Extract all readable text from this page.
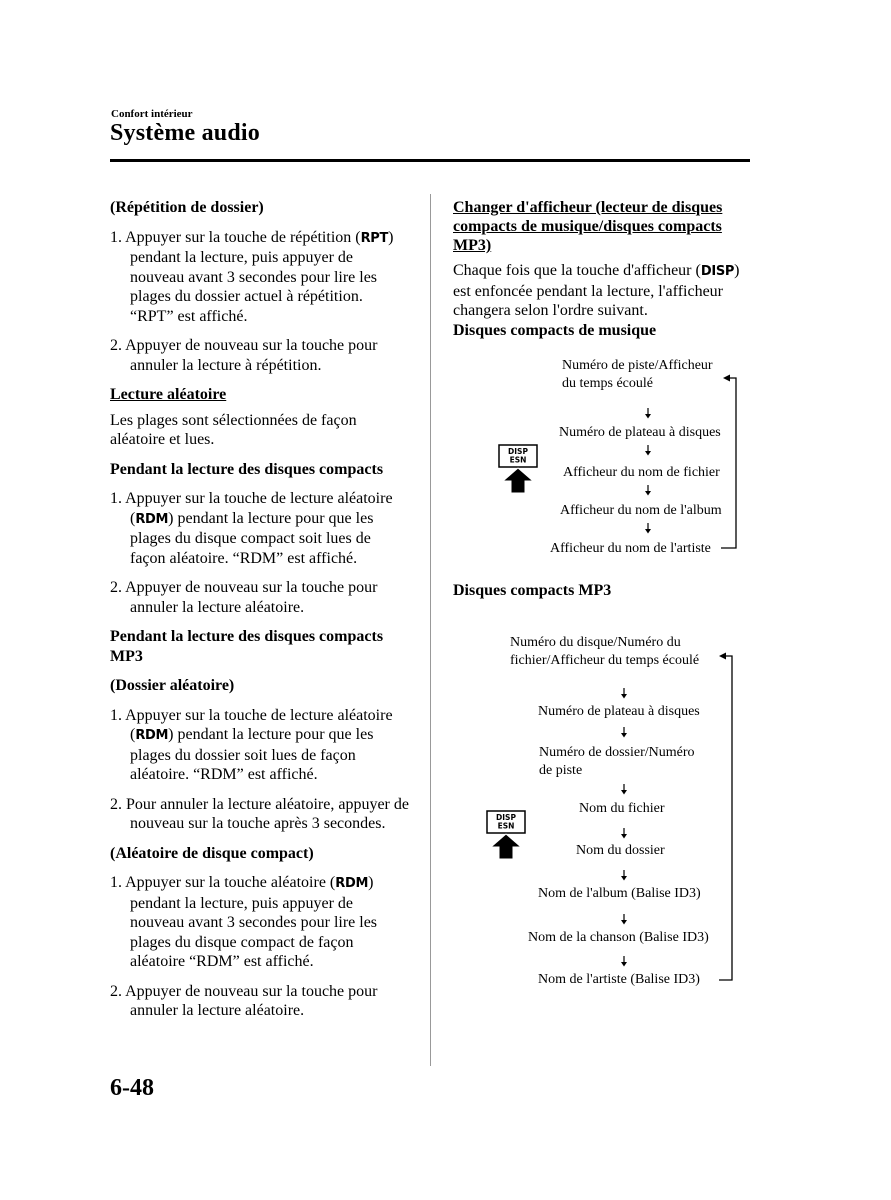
Confort intérieur
Système audio

(Répétition de dossier)

1. Appuyer sur la touche de répétition (RPT) pendant la lecture, puis appuyer de nouveau avant 3 secondes pour lire les plages du dossier actuel à répétition. “RPT” est affiché.

2. Appuyer de nouveau sur la touche pour annuler la lecture à répétition.

Lecture aléatoire

Les plages sont sélectionnées de façon aléatoire et lues.

Pendant la lecture des disques compacts

1. Appuyer sur la touche de lecture aléatoire (RDM) pendant la lecture pour que les plages du disque compact soit lues de façon aléatoire. “RDM” est affiché.

2. Appuyer de nouveau sur la touche pour annuler la lecture aléatoire.

Pendant la lecture des disques compacts MP3

(Dossier aléatoire)

1. Appuyer sur la touche de lecture aléatoire (RDM) pendant la lecture pour que les plages du dossier soit lues de façon aléatoire. “RDM” est affiché.

2. Pour annuler la lecture aléatoire, appuyer de nouveau sur la touche après 3 secondes.

(Aléatoire de disque compact)

1. Appuyer sur la touche aléatoire (RDM) pendant la lecture, puis appuyer de nouveau avant 3 secondes pour lire les plages du disque compact de façon aléatoire “RDM” est affiché.

2. Appuyer de nouveau sur la touche pour annuler la lecture aléatoire.

Changer d'afficheur (lecteur de disques compacts de musique/disques compacts MP3)

Chaque fois que la touche d'afficheur (DISP) est enfoncée pendant la lecture, l'afficheur changera selon l'ordre suivant.

Disques compacts de musique

Numéro de piste/Afficheur
du temps écoulé
Numéro de plateau à disques
Afficheur du nom de fichier
Afficheur du nom de l'album
Afficheur du nom de l'artiste
DISP
ESN
Disques compacts MP3
Numéro du disque/Numéro du
fichier/Afficheur du temps écoulé
Numéro de plateau à disques
Numéro de dossier/Numéro
de piste
Nom du fichier
Nom du dossier
Nom de l'album (Balise ID3)
Nom de la chanson (Balise ID3)
Nom de l'artiste (Balise ID3)
DISP
ESN
6-48
